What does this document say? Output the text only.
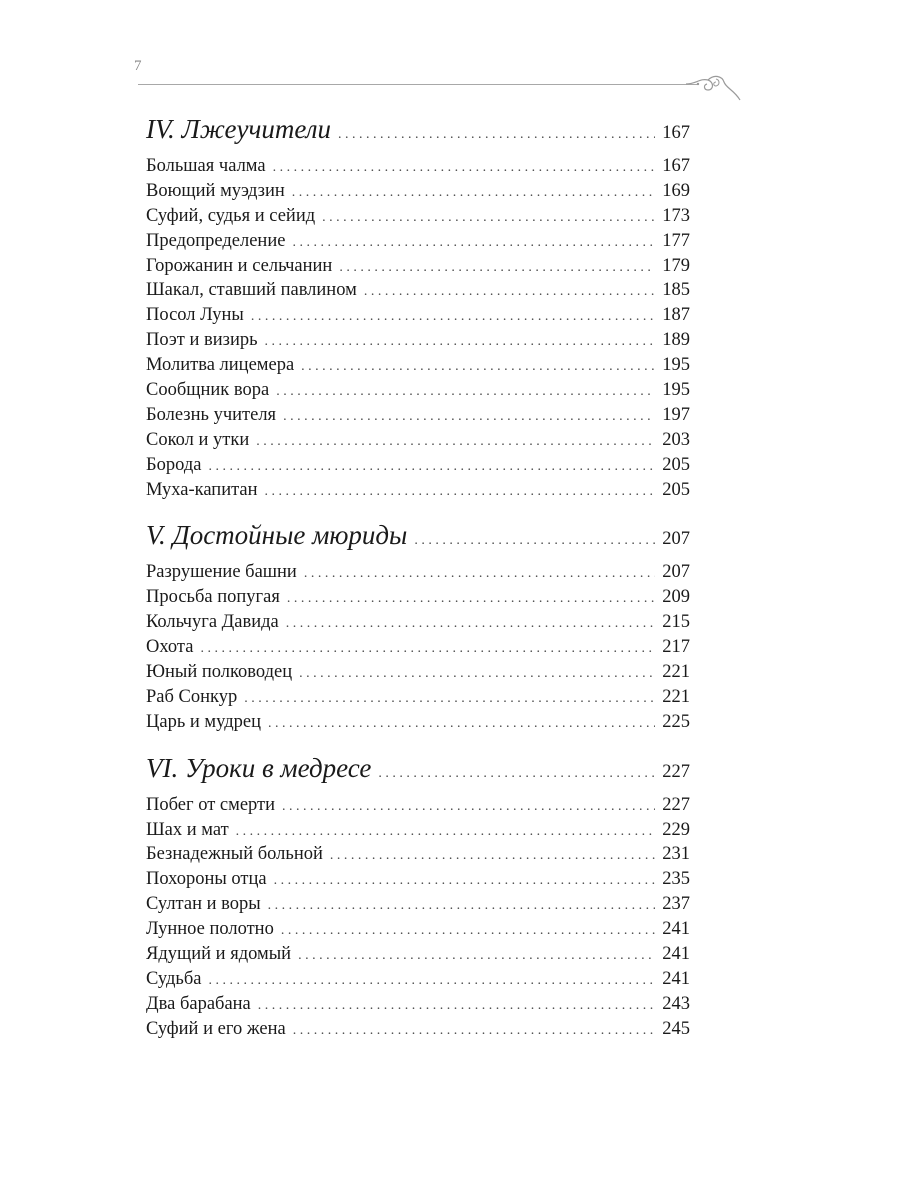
7
IV. Лжеучители . . .	167
Большая чалма . . .	167
Воющий муэдзин . . .	169
Суфий, судья и сейид . . .	173
Предопределение . . .	177
Горожанин и сельчанин . . .	179
Шакал, ставший павлином . . .	185
Посол Луны . . .	187
Поэт и визирь . . .	189
Молитва лицемера . . .	195
Сообщник вора . . .	195
Болезнь учителя . . .	197
Сокол и утки . . .	203
Борода . . .	205
Муха-капитан . . .	205
V. Достойные мюриды . . .	207
Разрушение башни . . .	207
Просьба попугая . . .	209
Кольчуга Давида . . .	215
Охота . . .	217
Юный полководец . . .	221
Раб Сонкур . . .	221
Царь и мудрец . . .	225
VI. Уроки в медресе . . .	227
Побег от смерти . . .	227
Шах и мат . . .	229
Безнадежный больной . . .	231
Похороны отца . . .	235
Султан и воры . . .	237
Лунное полотно . . .	241
Ядущий и ядомый . . .	241
Судьба . . .	241
Два барабана . . .	243
Суфий и его жена . . .	245
